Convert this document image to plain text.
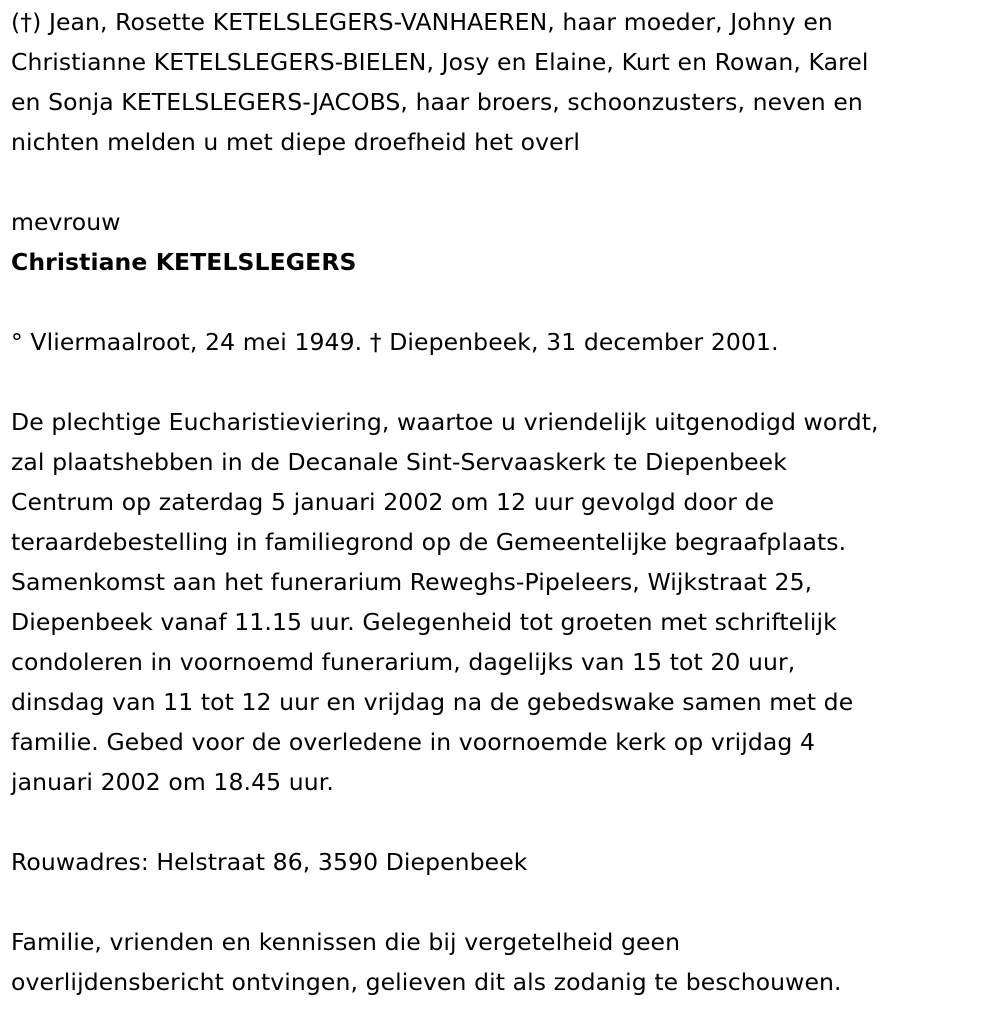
(†) Jean, Rosette KETELSLEGERS-VANHAEREN, haar moeder, Johny en

Christianne KETELSLEGERS-BIELEN, Josy en Elaine, Kurt en Rowan, Karel

en Sonja KETELSLEGERS-JACOBS, haar broers, schoonzusters, neven en

nichten melden u met diepe droefheid het overl

mevrouw

Christiane KETELSLEGERS

° Vliermaalroot, 24 mei 1949. † Diepenbeek, 31 december 2001.

De plechtige Eucharistieviering, waartoe u vriendelijk uitgenodigd wordt,

zal plaatshebben in de Decanale Sint-Servaaskerk te Diepenbeek

Centrum op zaterdag 5 januari 2002 om 12 uur gevolgd door de

teraardebestelling in familiegrond op de Gemeentelijke begraafplaats.

Samenkomst aan het funerarium Reweghs-Pipeleers, Wijkstraat 25,

Diepenbeek vanaf 11.15 uur. Gelegenheid tot groeten met schriftelijk

condoleren in voornoemd funerarium, dagelijks van 15 tot 20 uur,

dinsdag van 11 tot 12 uur en vrijdag na de gebedswake samen met de

familie. Gebed voor de overledene in voornoemde kerk op vrijdag 4

januari 2002 om 18.45 uur.

Rouwadres: Helstraat 86, 3590 Diepenbeek

Familie, vrienden en kennissen die bij vergetelheid geen

overlijdensbericht ontvingen, gelieven dit als zodanig te beschouwen.
